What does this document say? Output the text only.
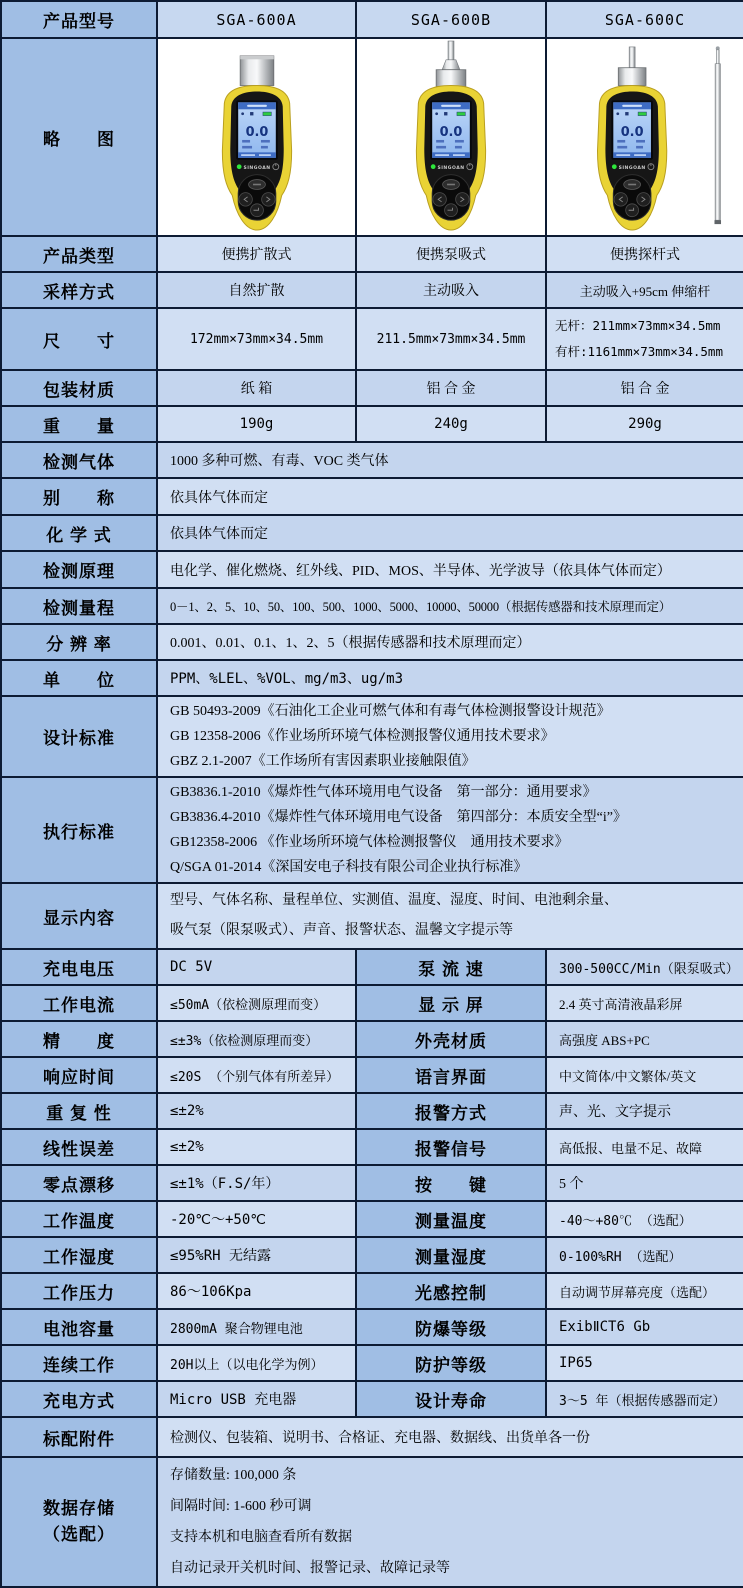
产品型号	SGA-600A	SGA-600B	SGA-600C
略　　图	0.0
SINGOAN	0.0
SINGOAN	0.0
SINGOAN

产品类型	便携扩散式	便携泵吸式	便携探杆式
采样方式	自然扩散	主动吸入	主动吸入+95cm 伸缩杆
尺　　寸	172mm×73mm×34.5mm	211.5mm×73mm×34.5mm	无杆：211mm×73mm×34.5mm
有杆:1161mm×73mm×34.5mm

包装材质	纸 箱	铝 合 金	铝 合 金
重　　量	190g	240g	290g
检测气体	1000 多种可燃、有毒、VOC 类气体		
别　　称	依具体气体而定		
化 学 式	依具体气体而定		
检测原理	电化学、催化燃烧、红外线、PID、MOS、半导体、光学波导（依具体气体而定）		
检测量程	0－1、2、5、10、50、100、500、1000、5000、10000、50000（根据传感器和技术原理而定）		
分 辨 率	0.001、0.01、0.1、1、2、5（根据传感器和技术原理而定）		
单　　位	PPM、%LEL、%VOL、mg/m3、ug/m3		
设计标准	GB 50493-2009《石油化工企业可燃气体和有毒气体检测报警设计规范》
GB 12358-2006《作业场所环境气体检测报警仪通用技术要求》
GBZ 2.1-2007《工作场所有害因素职业接触限值》		

执行标准	GB3836.1-2010《爆炸性气体环境用电气设备　第一部分：通用要求》
GB3836.4-2010《爆炸性气体环境用电气设备　第四部分：本质安全型“i”》
GB12358-2006 《作业场所环境气体检测报警仪　通用技术要求》
Q/SGA 01-2014《深国安电子科技有限公司企业执行标准》		

显示内容	型号、气体名称、量程单位、实测值、温度、湿度、时间、电池剩余量、
吸气泵（限泵吸式）、声音、报警状态、温馨文字提示等		

充电电压	DC 5V	泵 流 速	300-500CC/Min（限泵吸式）
工作电流	≤50mA（依检测原理而变）	显 示 屏	2.4 英寸高清液晶彩屏
精　　度	≤±3%（依检测原理而变）	外壳材质	高强度 ABS+PC
响应时间	≤20S （个别气体有所差异）	语言界面	中文简体/中文繁体/英文
重 复 性	≤±2%	报警方式	声、光、文字提示
线性误差	≤±2%	报警信号	高低报、电量不足、故障
零点漂移	≤±1%（F.S/年）	按　　键	5 个
工作温度	-20℃～+50℃	测量温度	-40～+80℃ （选配）
工作湿度	≤95%RH 无结露	测量湿度	0-100%RH （选配）
工作压力	86～106Kpa	光感控制	自动调节屏幕亮度（选配）
电池容量	2800mA 聚合物锂电池	防爆等级	ExibⅡCT6 Gb
连续工作	20H以上（以电化学为例）	防护等级	IP65
充电方式	Micro USB 充电器	设计寿命	3～5 年（根据传感器而定）
标配附件	检测仪、包装箱、说明书、合格证、充电器、数据线、出货单各一份		

数据存储
（选配）

存储数量: 100,000 条
间隔时间: 1-600 秒可调
支持本机和电脑查看所有数据
自动记录开关机时间、报警记录、故障记录等
